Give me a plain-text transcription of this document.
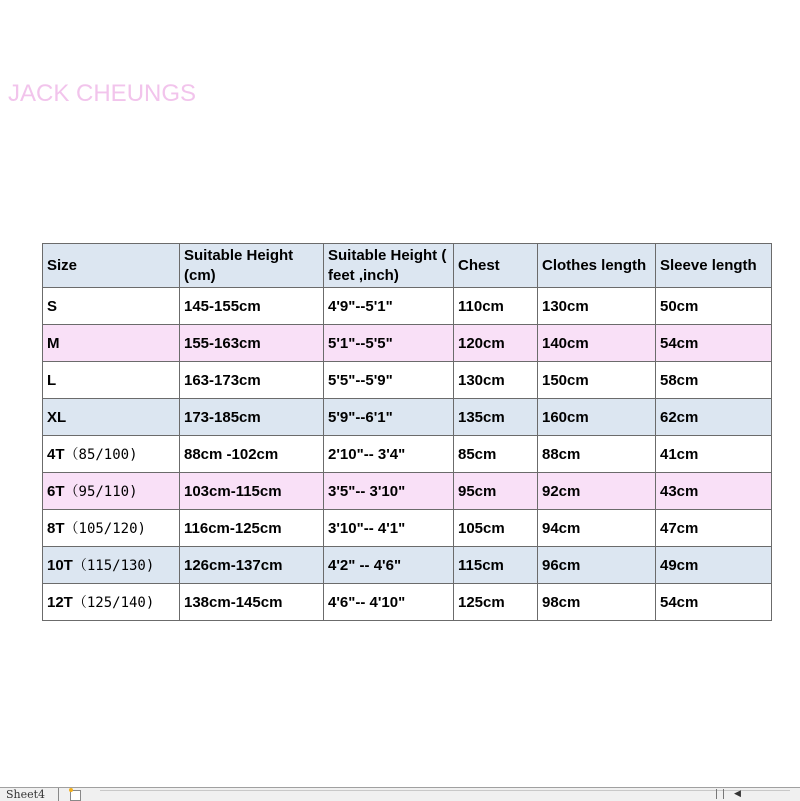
JACK CHEUNGS
Size	Suitable Height (cm)	Suitable Height ( feet ,inch)	Chest	Clothes length	Sleeve length
S	145-155cm	4'9"--5'1"	110cm	130cm	50cm
M	155-163cm	5'1"--5'5"	120cm	140cm	54cm
L	163-173cm	5'5"--5'9"	130cm	150cm	58cm
XL	173-185cm	5'9"--6'1"	135cm	160cm	62cm
4T（85/100)	88cm -102cm	2'10"-- 3'4"	85cm	88cm	41cm
6T（95/110)	103cm-115cm	3'5"-- 3'10"	95cm	92cm	43cm
8T（105/120)	116cm-125cm	3'10"-- 4'1"	105cm	94cm	47cm
10T（115/130)	126cm-137cm	4'2" -- 4'6"	115cm	96cm	49cm
12T（125/140)	138cm-145cm	4'6"-- 4'10"	125cm	98cm	54cm
Sheet4	◀
